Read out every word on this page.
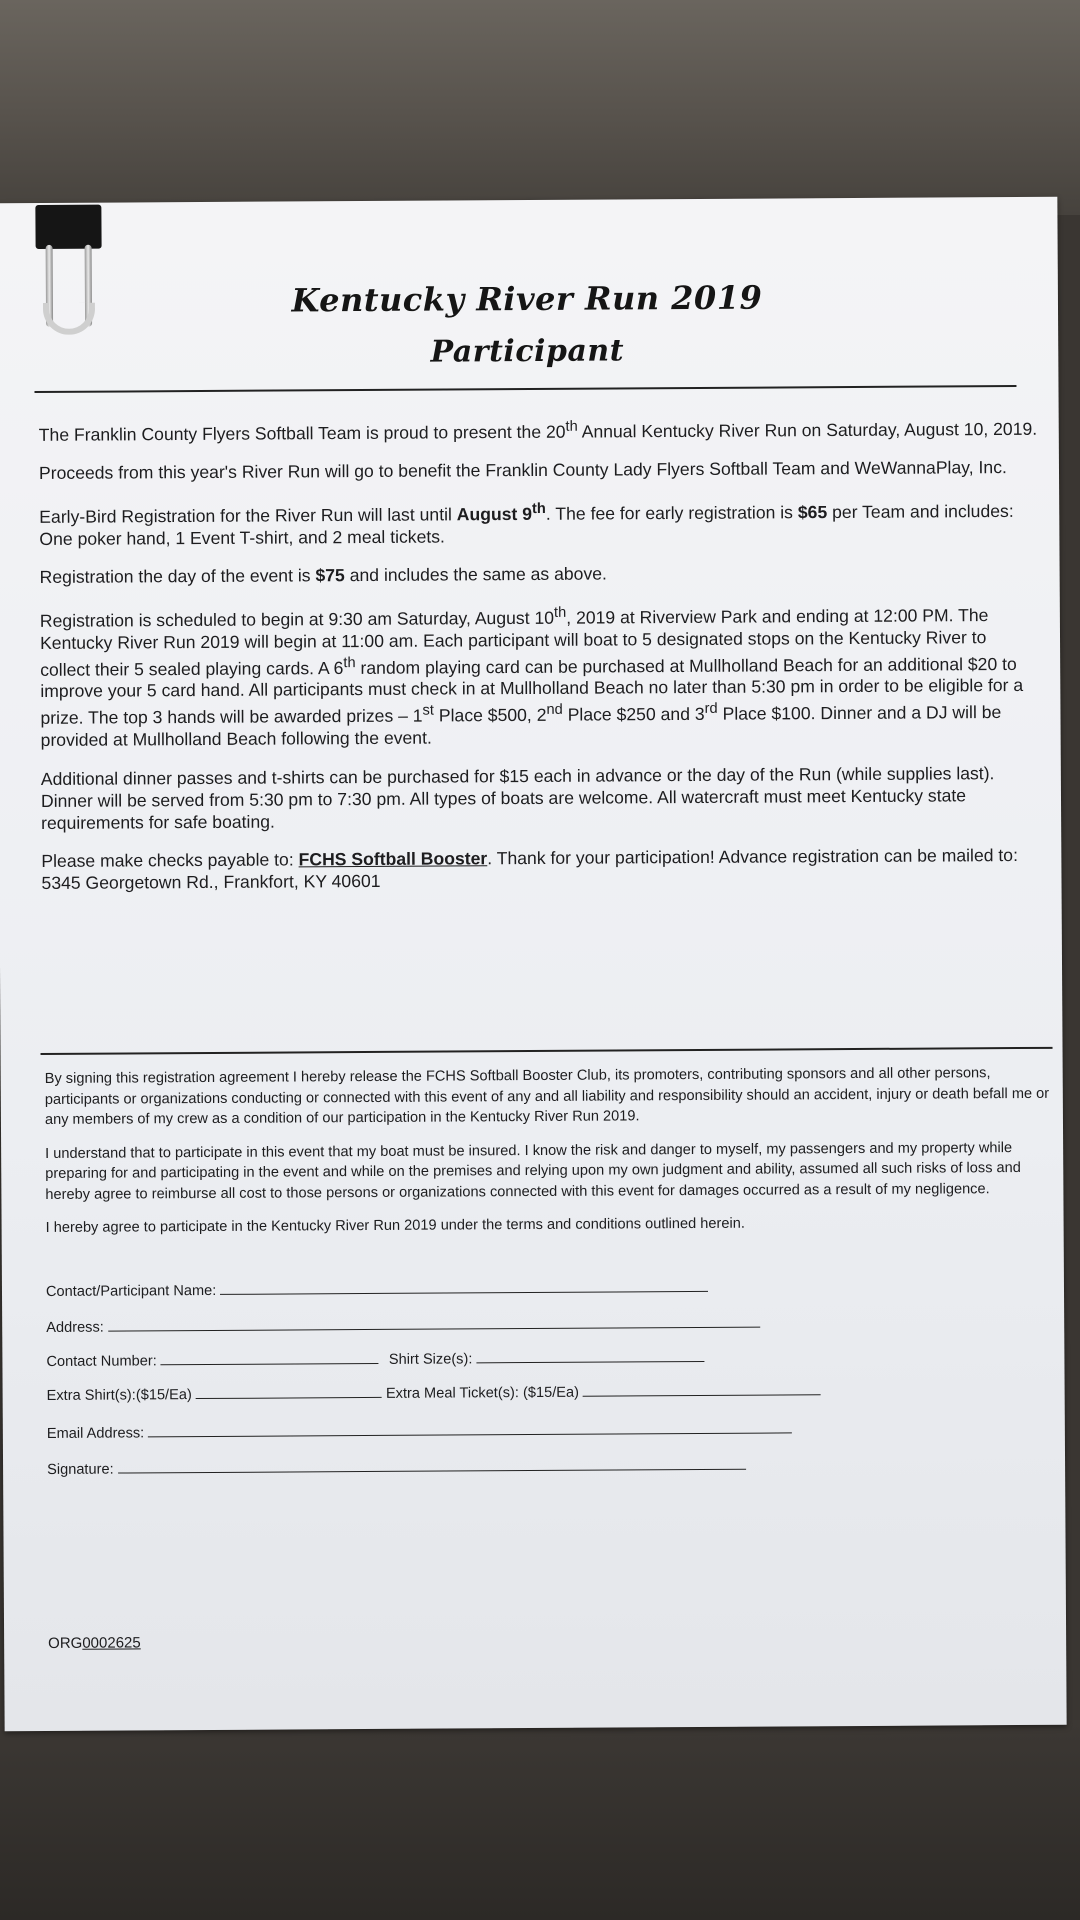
Kentucky River Run 2019
Participant

The Franklin County Flyers Softball Team is proud to present the 20th Annual Kentucky River Run on Saturday, August 10, 2019.

Proceeds from this year's River Run will go to benefit the Franklin County Lady Flyers Softball Team and WeWannaPlay, Inc.

Early-Bird Registration for the River Run will last until August 9th. The fee for early registration is $65 per Team and includes: One poker hand, 1 Event T-shirt, and 2 meal tickets.

Registration the day of the event is $75 and includes the same as above.

Registration is scheduled to begin at 9:30 am Saturday, August 10th, 2019 at Riverview Park and ending at 12:00 PM. The Kentucky River Run 2019 will begin at 11:00 am. Each participant will boat to 5 designated stops on the Kentucky River to collect their 5 sealed playing cards. A 6th random playing card can be purchased at Mullholland Beach for an additional $20 to improve your 5 card hand. All participants must check in at Mullholland Beach no later than 5:30 pm in order to be eligible for a prize. The top 3 hands will be awarded prizes – 1st Place $500, 2nd Place $250 and 3rd Place $100. Dinner and a DJ will be provided at Mullholland Beach following the event.

Additional dinner passes and t-shirts can be purchased for $15 each in advance or the day of the Run (while supplies last). Dinner will be served from 5:30 pm to 7:30 pm. All types of boats are welcome. All watercraft must meet Kentucky state requirements for safe boating.

Please make checks payable to: FCHS Softball Booster. Thank for your participation! Advance registration can be mailed to: 5345 Georgetown Rd., Frankfort, KY 40601

By signing this registration agreement I hereby release the FCHS Softball Booster Club, its promoters, contributing sponsors and all other persons, participants or organizations conducting or connected with this event of any and all liability and responsibility should an accident, injury or death befall me or any members of my crew as a condition of our participation in the Kentucky River Run 2019.

I understand that to participate in this event that my boat must be insured. I know the risk and danger to myself, my passengers and my property while preparing for and participating in the event and while on the premises and relying upon my own judgment and ability, assumed all such risks of loss and hereby agree to reimburse all cost to those persons or organizations connected with this event for damages occurred as a result of my negligence.

I hereby agree to participate in the Kentucky River Run 2019 under the terms and conditions outlined herein.

Contact/Participant Name:
Address:
Contact Number:	Shirt Size(s):
Extra Shirt(s):($15/Ea)	Extra Meal Ticket(s): ($15/Ea)
Email Address:
Signature:
ORG0002625
